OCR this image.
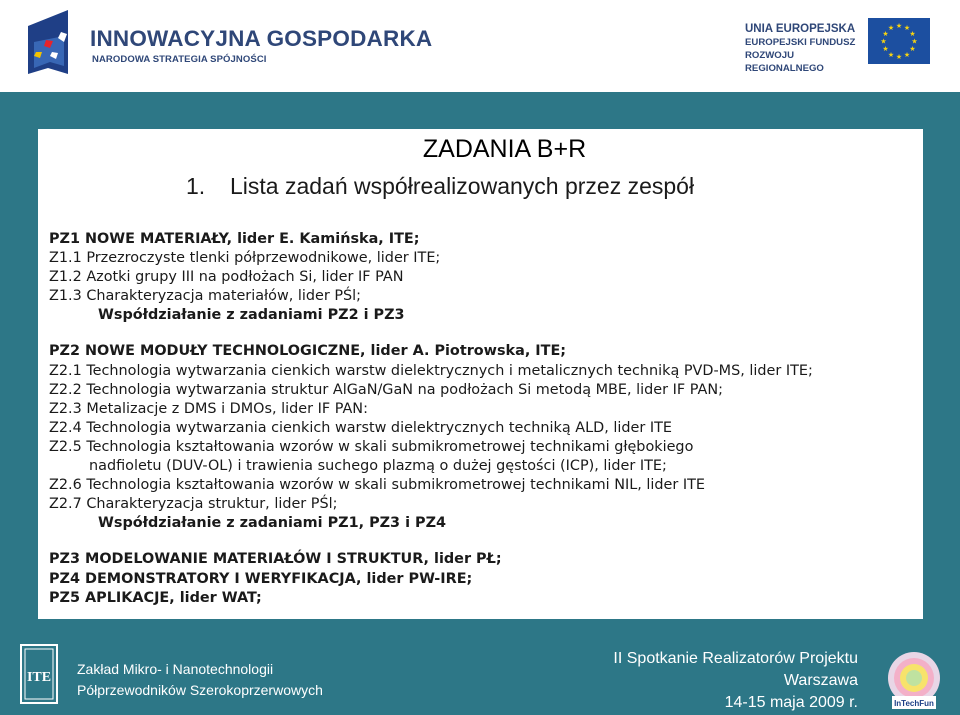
INNOWACYJNA GOSPODARKA
NARODOWA STRATEGIA SPÓJNOŚCI
UNIA EUROPEJSKA
EUROPEJSKI FUNDUSZ
ROZWOJU REGIONALNEGO
★ ★
★
★
★
★
★
★
★
★
★
★
ZADANIA B+R
1. Lista zadań współrealizowanych przez zespół
PZ1 NOWE MATERIAŁY, lider E. Kamińska, ITE;
Z1.1 Przezroczyste tlenki półprzewodnikowe, lider ITE;
Z1.2 Azotki grupy III na podłożach Si, lider IF PAN
Z1.3 Charakteryzacja materiałów, lider PŚl;
Współdziałanie z zadaniami PZ2 i PZ3
PZ2 NOWE MODUŁY TECHNOLOGICZNE, lider A. Piotrowska, ITE;
Z2.1 Technologia wytwarzania cienkich warstw dielektrycznych i metalicznych techniką PVD-MS, lider ITE;
Z2.2 Technologia wytwarzania struktur AlGaN/GaN na podłożach Si metodą MBE, lider IF PAN;
Z2.3 Metalizacje z DMS i DMOs, lider IF PAN:
Z2.4 Technologia wytwarzania cienkich warstw dielektrycznych techniką ALD, lider ITE
Z2.5 Technologia kształtowania wzorów w skali submikrometrowej technikami głębokiego
nadfioletu (DUV-OL) i trawienia suchego plazmą o dużej gęstości (ICP), lider ITE;
Z2.6 Technologia kształtowania wzorów w skali submikrometrowej technikami NIL, lider ITE
Z2.7 Charakteryzacja struktur, lider PŚl;
Współdziałanie z zadaniami PZ1, PZ3 i PZ4
PZ3 MODELOWANIE MATERIAŁÓW I STRUKTUR, lider PŁ;
PZ4 DEMONSTRATORY I WERYFIKACJA, lider PW-IRE;
PZ5 APLIKACJE, lider WAT;
ITE
Zakład Mikro- i Nanotechnologii
Półprzewodników Szerokoprzerwowych
II Spotkanie Realizatorów Projektu
Warszawa
14-15 maja 2009 r.	InTechFun
